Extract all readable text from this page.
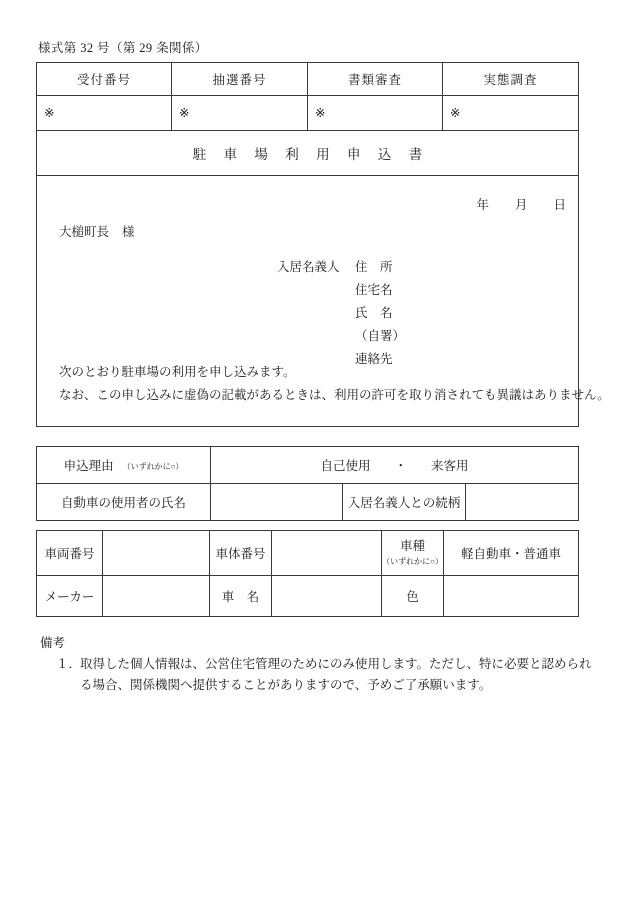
様式第 32 号（第 29 条関係）
受付番号	抽選番号	書類審査	実態調査
※	※	※	※
駐 車 場 利 用 申 込 書			

年 月 日
大槌町長 様
入居名義人	住　所
住宅名
氏　名
（自署）
連絡先
次のとおり駐車場の利用を申し込みます。
なお、この申し込みに虚偽の記載があるときは、利用の許可を取り消されても異議はありません。
申込理由 （いずれかに○）	自己使用 ・ 来客用		
自動車の使用者の氏名		入居名義人との続柄	
車両番号		車体番号		車種
（いずれかに○）	軽自動車・普通車
メーカー		車　名		色	
備考
１．
取得した個人情報は、公営住宅管理のためにのみ使用します。ただし、特に必要と認められる場合、関係機関へ提供することがありますので、予めご了承願います。
